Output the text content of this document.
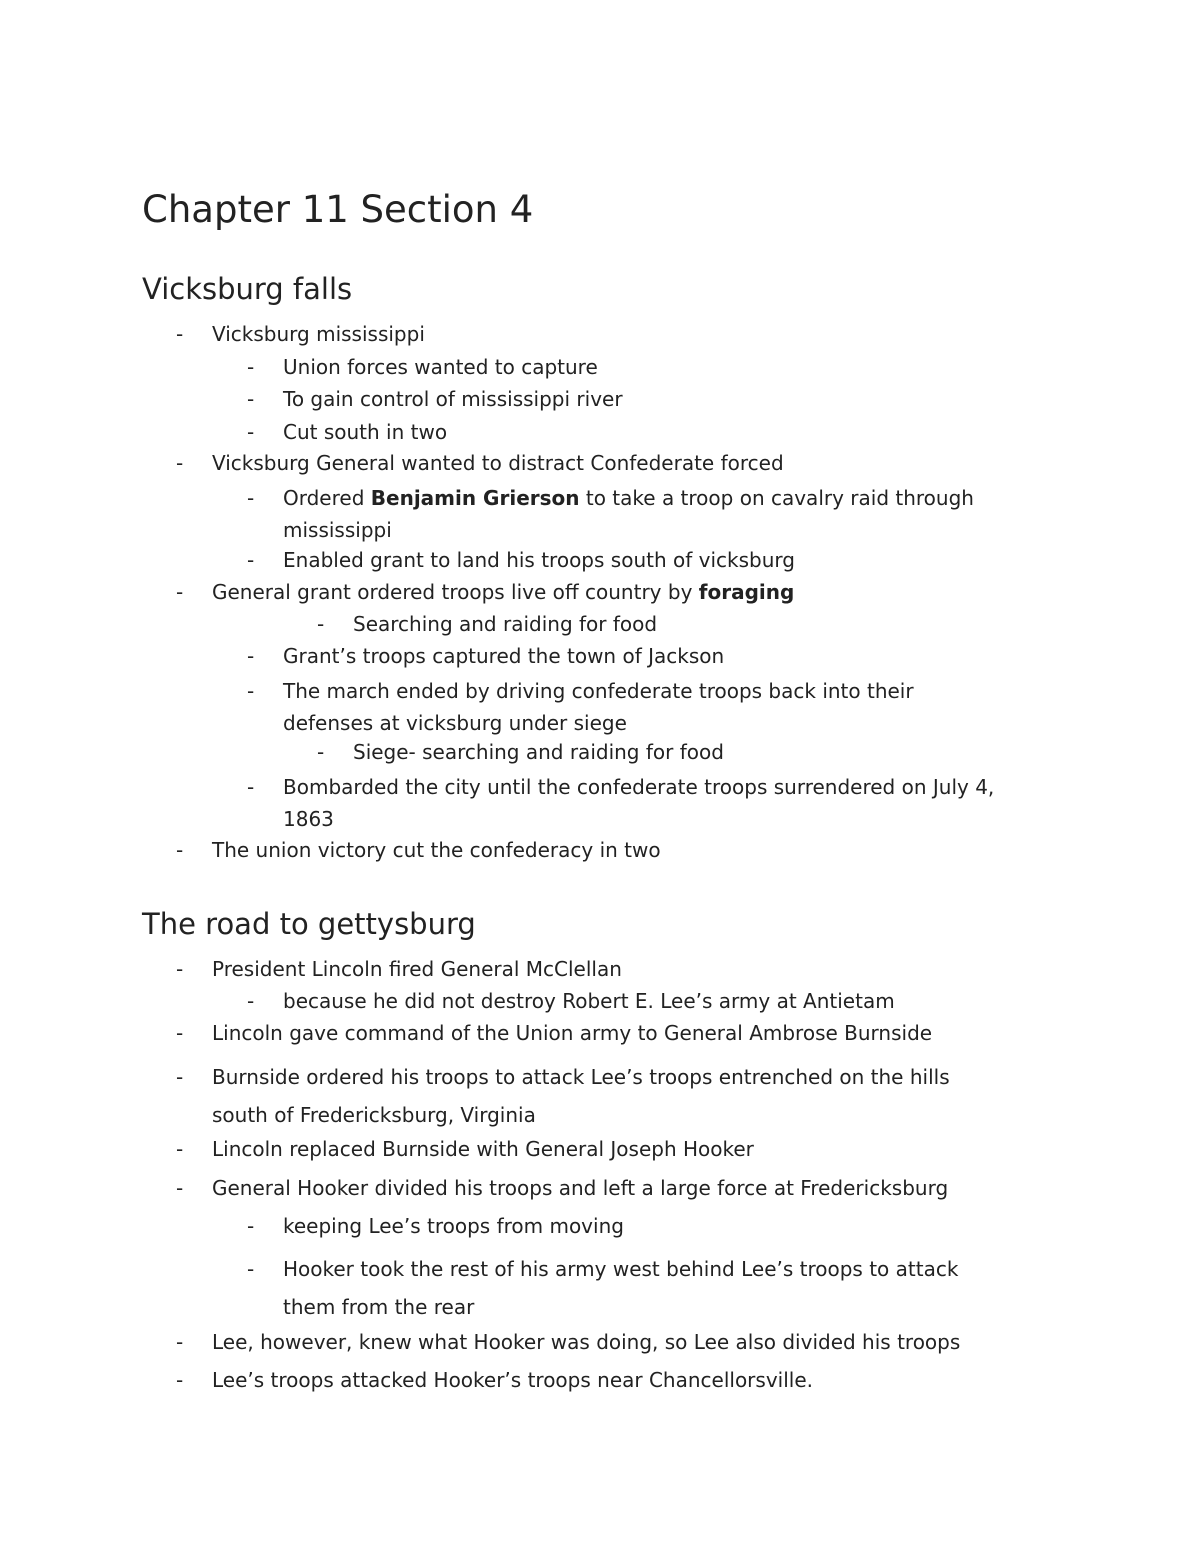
Chapter 11 Section 4
Vicksburg falls
- Vicksburg mississippi
- Union forces wanted to capture
- To gain control of mississippi river
- Cut south in two
- Vicksburg General wanted to distract Confederate forced
- Ordered Benjamin Grierson to take a troop on cavalry raid through
mississippi
- Enabled grant to land his troops south of vicksburg
- General grant ordered troops live off country by foraging
- Searching and raiding for food
- Grant’s troops captured the town of Jackson
- The march ended by driving confederate troops back into their
defenses at vicksburg under siege
- Siege- searching and raiding for food
- Bombarded the city until the confederate troops surrendered on July 4,
1863
- The union victory cut the confederacy in two
The road to gettysburg
- President Lincoln fired General McClellan
- because he did not destroy Robert E. Lee’s army at Antietam
- Lincoln gave command of the Union army to General Ambrose Burnside
- Burnside ordered his troops to attack Lee’s troops entrenched on the hills
south of Fredericksburg, Virginia
- Lincoln replaced Burnside with General Joseph Hooker
- General Hooker divided his troops and left a large force at Fredericksburg
- keeping Lee’s troops from moving
- Hooker took the rest of his army west behind Lee’s troops to attack
them from the rear
- Lee, however, knew what Hooker was doing, so Lee also divided his troops
- Lee’s troops attacked Hooker’s troops near Chancellorsville.
